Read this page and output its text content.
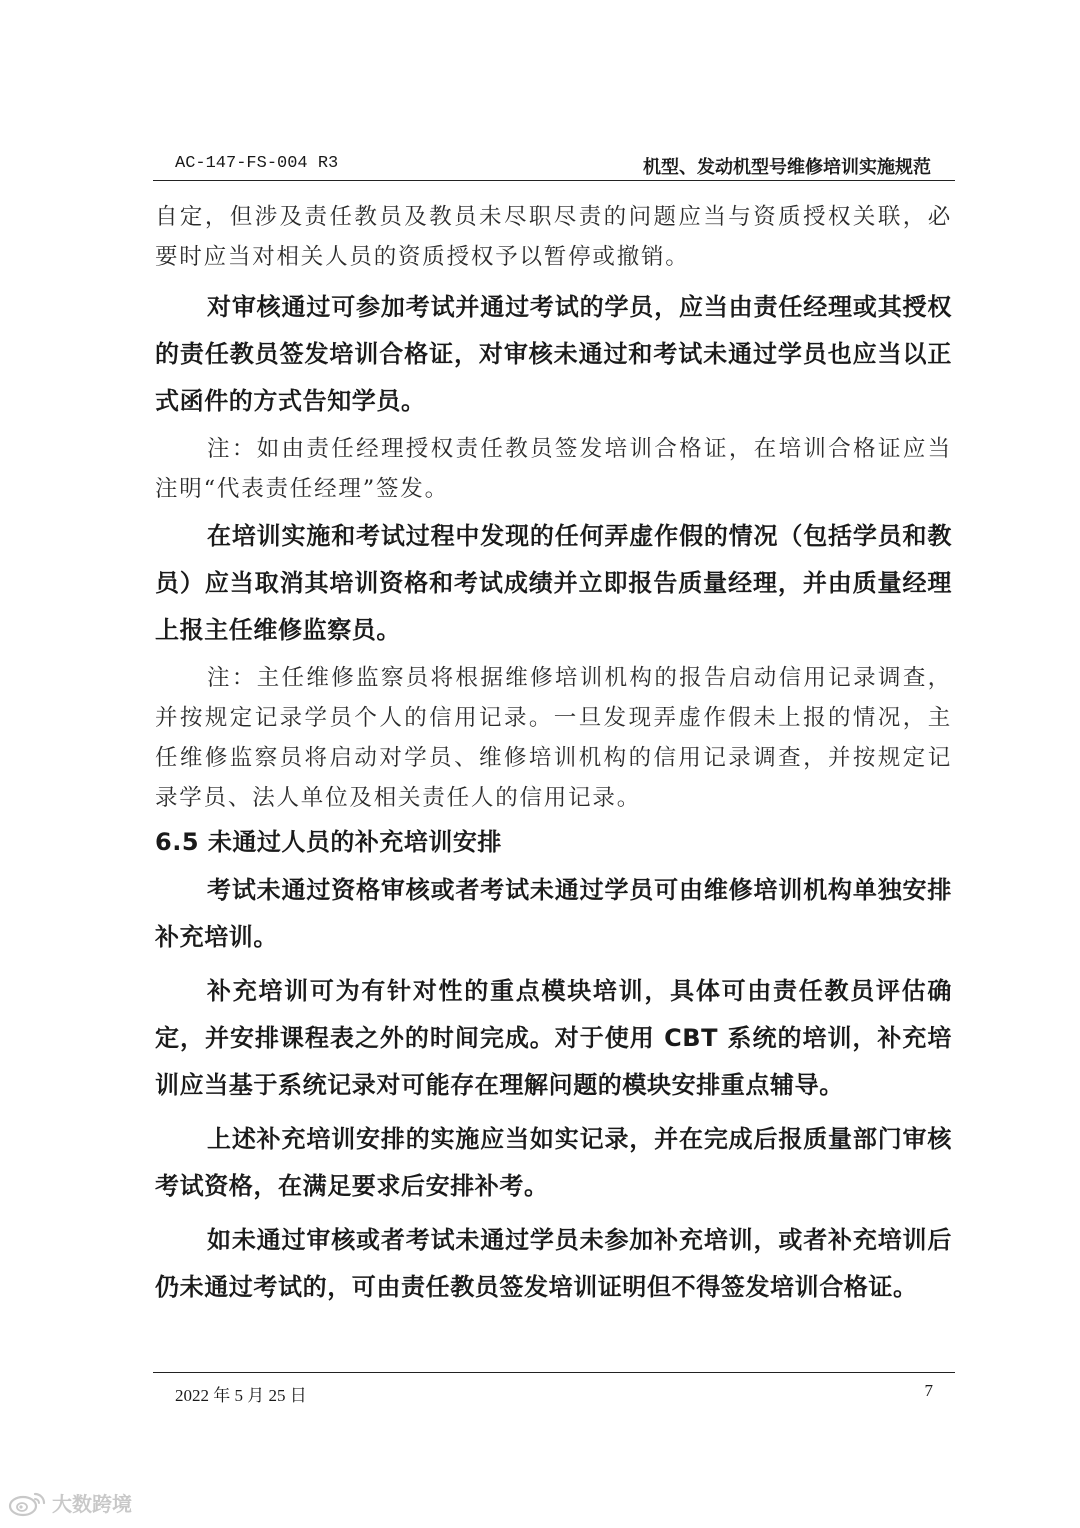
AC-147-FS-004 R3	机型、发动机型号维修培训实施规范

自定，但涉及责任教员及教员未尽职尽责的问题应当与资质授权关联，必要时应当对相关人员的资质授权予以暂停或撤销。

对审核通过可参加考试并通过考试的学员，应当由责任经理或其授权的责任教员签发培训合格证，对审核未通过和考试未通过学员也应当以正式函件的方式告知学员。

注：如由责任经理授权责任教员签发培训合格证，在培训合格证应当注明“代表责任经理”签发。

在培训实施和考试过程中发现的任何弄虚作假的情况（包括学员和教员）应当取消其培训资格和考试成绩并立即报告质量经理，并由质量经理上报主任维修监察员。

注：主任维修监察员将根据维修培训机构的报告启动信用记录调查，并按规定记录学员个人的信用记录。一旦发现弄虚作假未上报的情况，主任维修监察员将启动对学员、维修培训机构的信用记录调查，并按规定记录学员、法人单位及相关责任人的信用记录。

6.5 未通过人员的补充培训安排

考试未通过资格审核或者考试未通过学员可由维修培训机构单独安排补充培训。

补充培训可为有针对性的重点模块培训，具体可由责任教员评估确定，并安排课程表之外的时间完成。对于使用 CBT 系统的培训，补充培训应当基于系统记录对可能存在理解问题的模块安排重点辅导。

上述补充培训安排的实施应当如实记录，并在完成后报质量部门审核考试资格，在满足要求后安排补考。

如未通过审核或者考试未通过学员未参加补充培训，或者补充培训后仍未通过考试的，可由责任教员签发培训证明但不得签发培训合格证。

2022 年 5 月 25 日	7
大数跨境
